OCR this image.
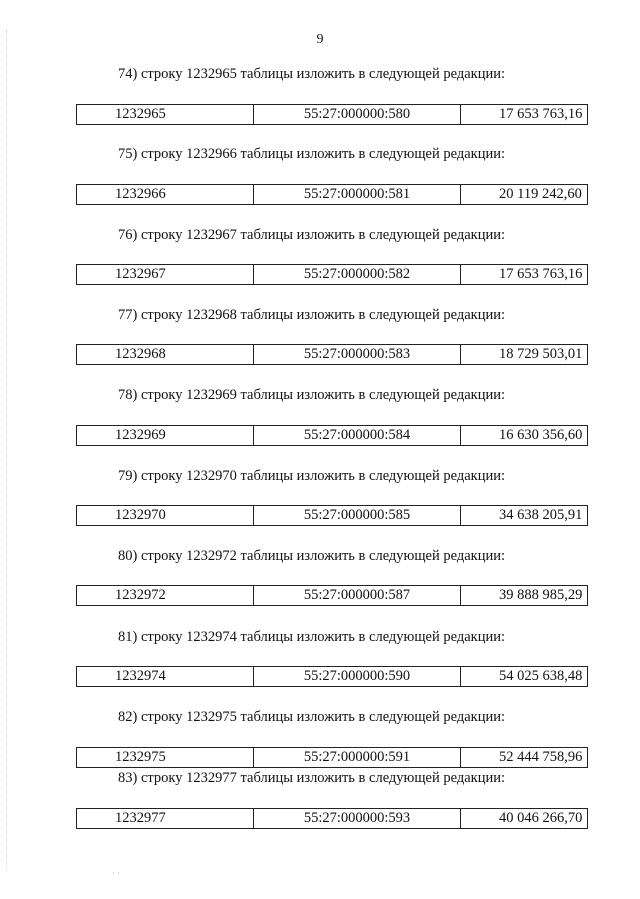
9
74) строку 1232965 таблицы изложить в следующей редакции:
1232965	55:27:000000:580	17 653 763,16
75) строку 1232966 таблицы изложить в следующей редакции:
1232966	55:27:000000:581	20 119 242,60
76) строку 1232967 таблицы изложить в следующей редакции:
1232967	55:27:000000:582	17 653 763,16
77) строку 1232968 таблицы изложить в следующей редакции:
1232968	55:27:000000:583	18 729 503,01
78) строку 1232969 таблицы изложить в следующей редакции:
1232969	55:27:000000:584	16 630 356,60
79) строку 1232970 таблицы изложить в следующей редакции:
1232970	55:27:000000:585	34 638 205,91
80) строку 1232972 таблицы изложить в следующей редакции:
1232972	55:27:000000:587	39 888 985,29
81) строку 1232974 таблицы изложить в следующей редакции:
1232974	55:27:000000:590	54 025 638,48
82) строку 1232975 таблицы изложить в следующей редакции:
1232975	55:27:000000:591	52 444 758,96
83) строку 1232977 таблицы изложить в следующей редакции:
1232977	55:27:000000:593	40 046 266,70
· ·
